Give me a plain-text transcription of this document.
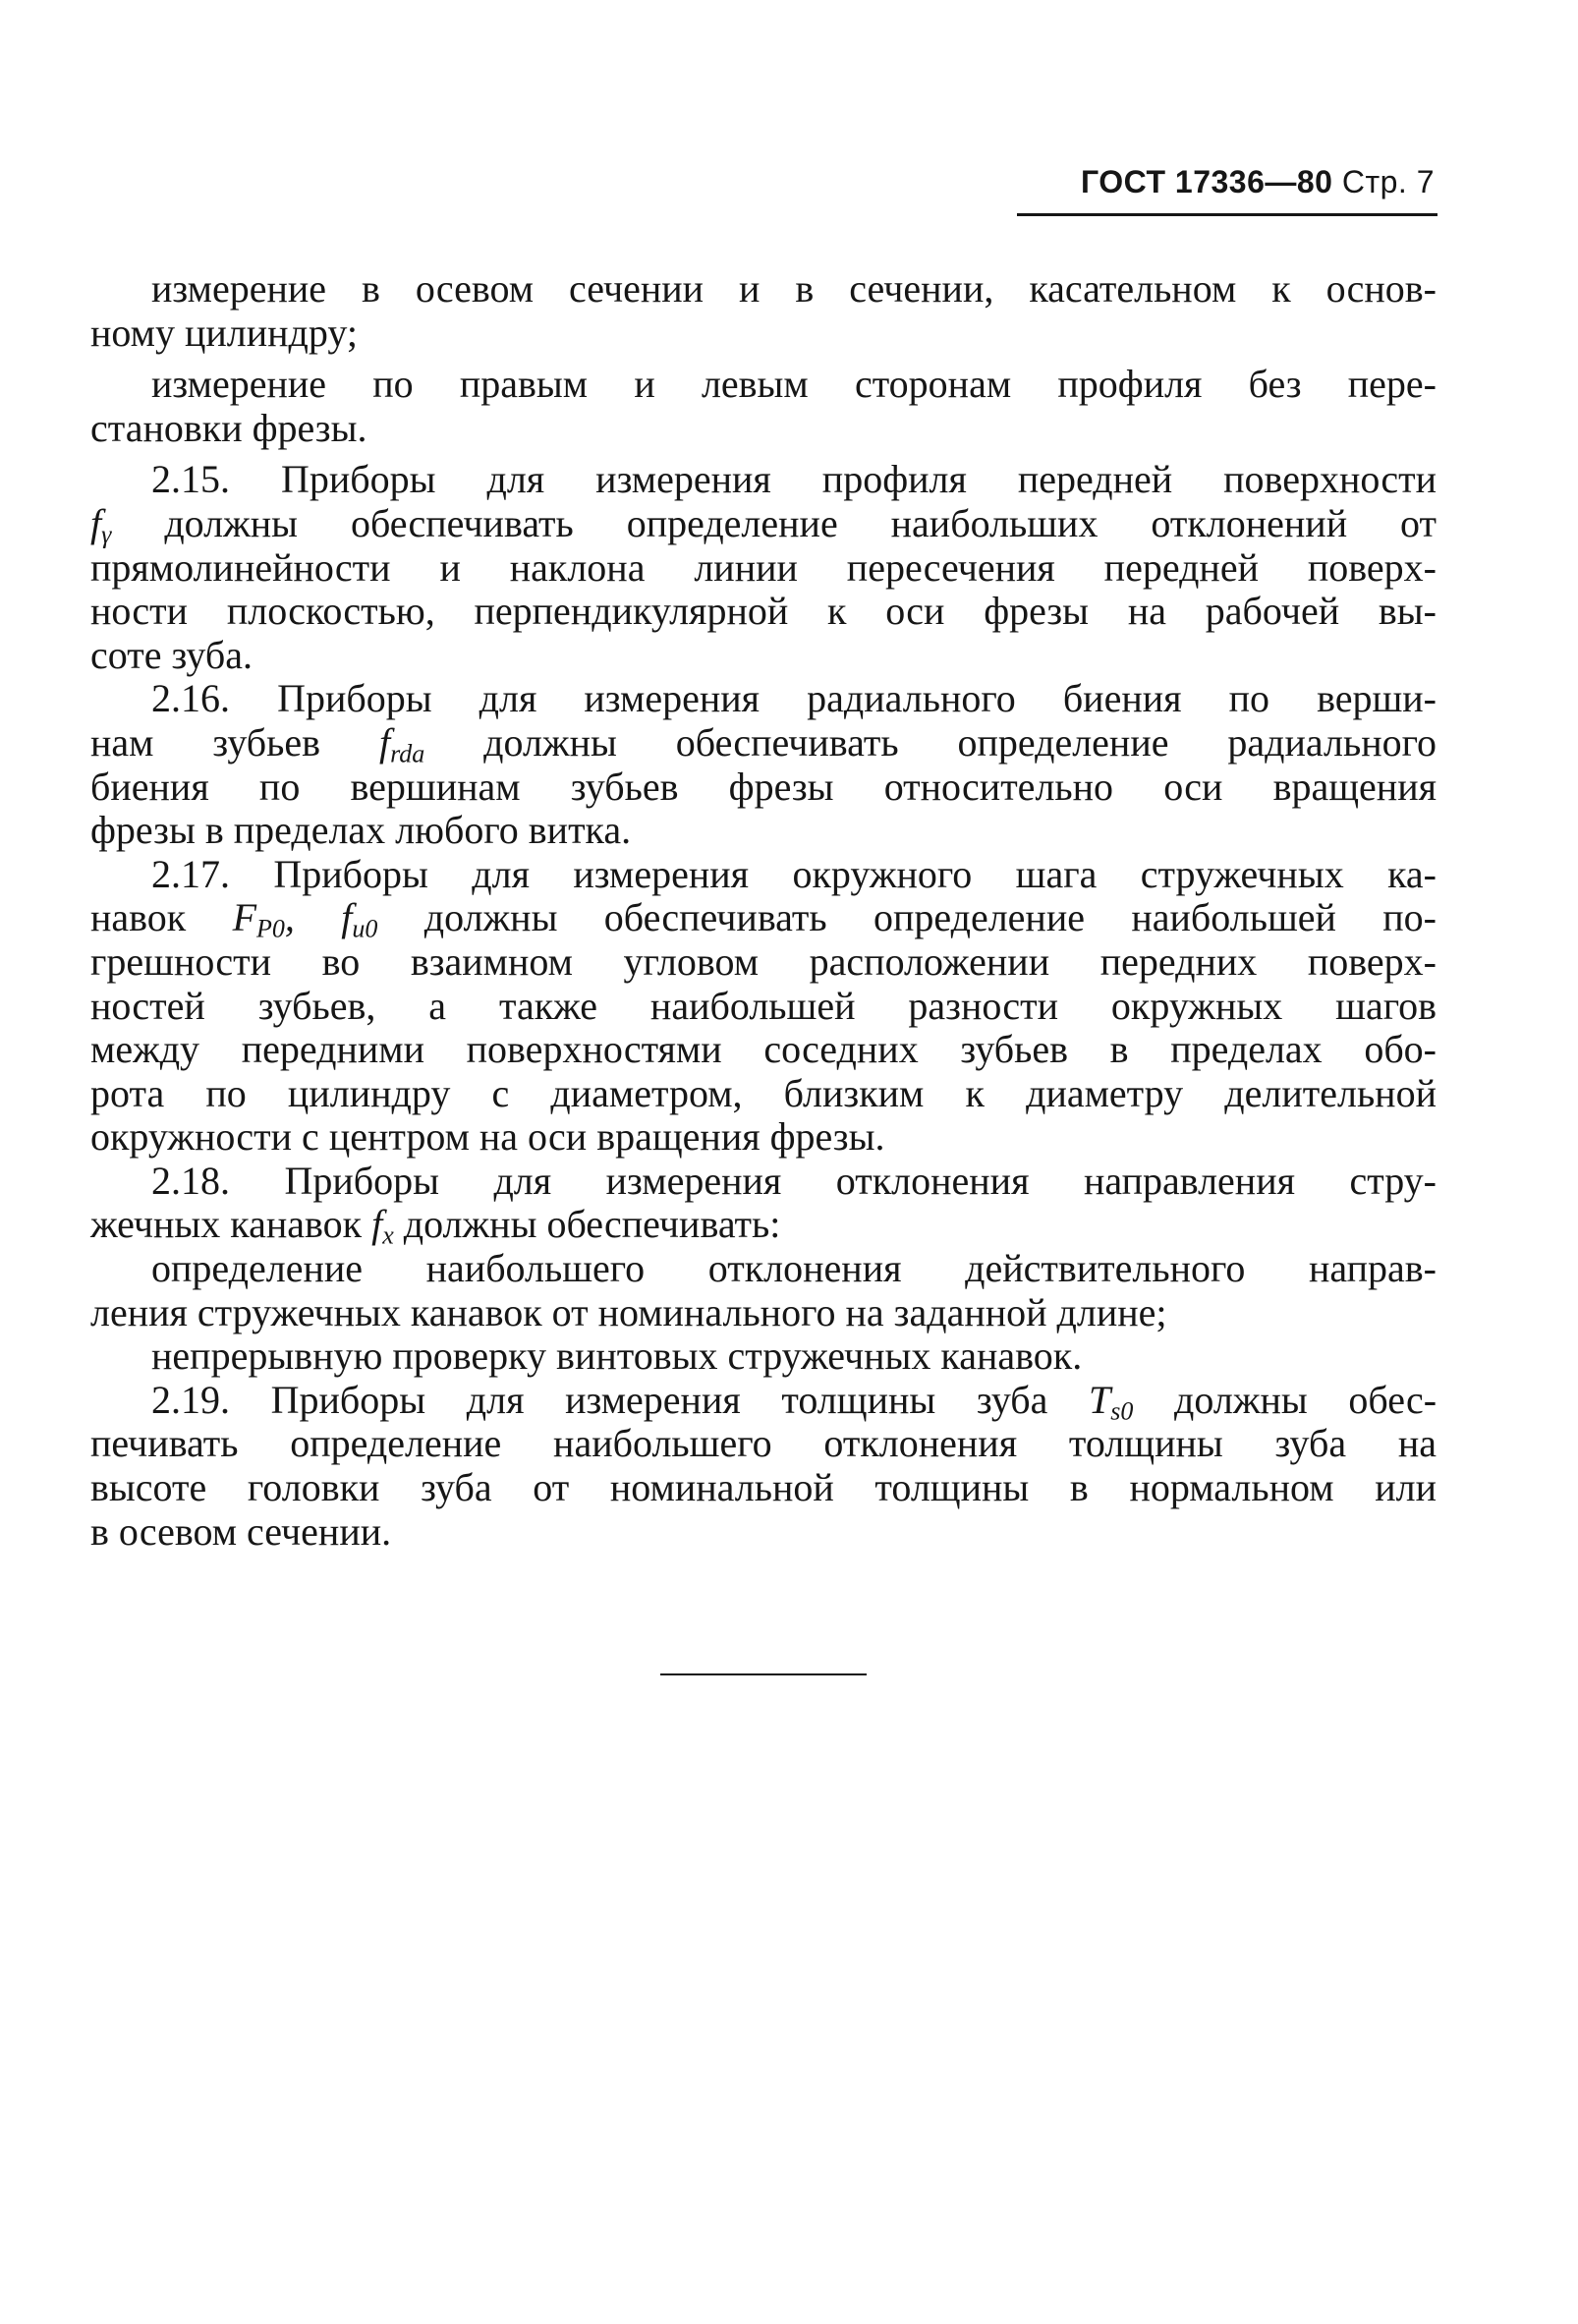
ГОСТ 17336—80 Стр. 7
измерение в осевом сечении и в сечении, касательном к основ-
ному цилиндру;
измерение по правым и левым сторонам профиля без пере-
становки фрезы.
2.15. Приборы для измерения профиля передней поверхности
$f_\gamma$ должны обеспечивать определение наибольших отклонений от
прямолинейности и наклона линии пересечения передней поверх-
ности плоскостью, перпендикулярной к оси фрезы на рабочей вы-
соте зуба.
2.16. Приборы для измерения радиального биения по верши-
нам зубьев $f_{rda}$ должны обеспечивать определение радиального
биения по вершинам зубьев фрезы относительно оси вращения
фрезы в пределах любого витка.
2.17. Приборы для измерения окружного шага стружечных ка-
навок $F_{P0}$, $f_{u0}$ должны обеспечивать определение наибольшей по-
грешности во взаимном угловом расположении передних поверх-
ностей зубьев, а также наибольшей разности окружных шагов
между передними поверхностями соседних зубьев в пределах обо-
рота по цилиндру с диаметром, близким к диаметру делительной
окружности с центром на оси вращения фрезы.
2.18. Приборы для измерения отклонения направления стру-
жечных канавок $f_x$ должны обеспечивать:
определение наибольшего отклонения действительного направ-
ления стружечных канавок от номинального на заданной длине;
непрерывную проверку винтовых стружечных канавок.
2.19. Приборы для измерения толщины зуба $T_{s0}$ должны обес-
печивать определение наибольшего отклонения толщины зуба на
высоте головки зуба от номинальной толщины в нормальном или
в осевом сечении.
